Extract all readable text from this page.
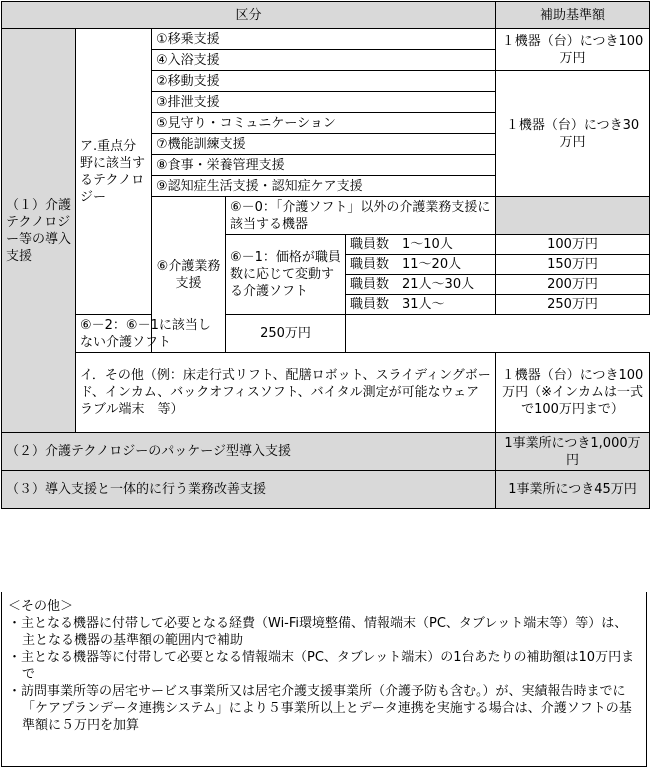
区分					補助基準額
（１）介護テクノロジー等の導入支援	ア.重点分野に該当するテクノロジー	①移乗支援			１機器（台）につき100万円
		④入浴支援			
		②移動支援			１機器（台）につき30万円
		③排泄支援			
		⑤見守り・コミュニケーション			
		⑦機能訓練支援			
		⑧食事・栄養管理支援			
		⑨認知症生活支援・認知症ケア支援			
		⑥介護業務支援	⑥－0：「介護ソフト」以外の介護業務支援に該当する機器		
			⑥－1：価格が職員数に応じて変動する介護ソフト	職員数　1～10人	100万円
				職員数　11～20人	150万円
				職員数　21人～30人	200万円
				職員数　31人～	250万円
	⑥－2：⑥－1に該当しない介護ソフト		250万円		
	イ．その他（例：床走行式リフト、配膳ロボット、スライディングボード、インカム、バックオフィスソフト、バイタル測定が可能なウェアラブル端末　等）				１機器（台）につき100万円（※インカムは一式で100万円まで）
（２）介護テクノロジーのパッケージ型導入支援					1事業所につき1,000万円
（３）導入支援と一体的に行う業務改善支援					1事業所につき45万円
＜その他＞
・主となる機器に付帯して必要となる経費（Wi-Fi環境整備、情報端末（PC、タブレット端末等）等）は、主となる機器の基準額の範囲内で補助
・主となる機器等に付帯して必要となる情報端末（PC、タブレット端末）の1台あたりの補助額は10万円まで
・訪問事業所等の居宅サービス事業所又は居宅介護支援事業所（介護予防も含む。）が、実績報告時までに「ケアプランデータ連携システム」により５事業所以上とデータ連携を実施する場合は、介護ソフトの基準額に５万円を加算
